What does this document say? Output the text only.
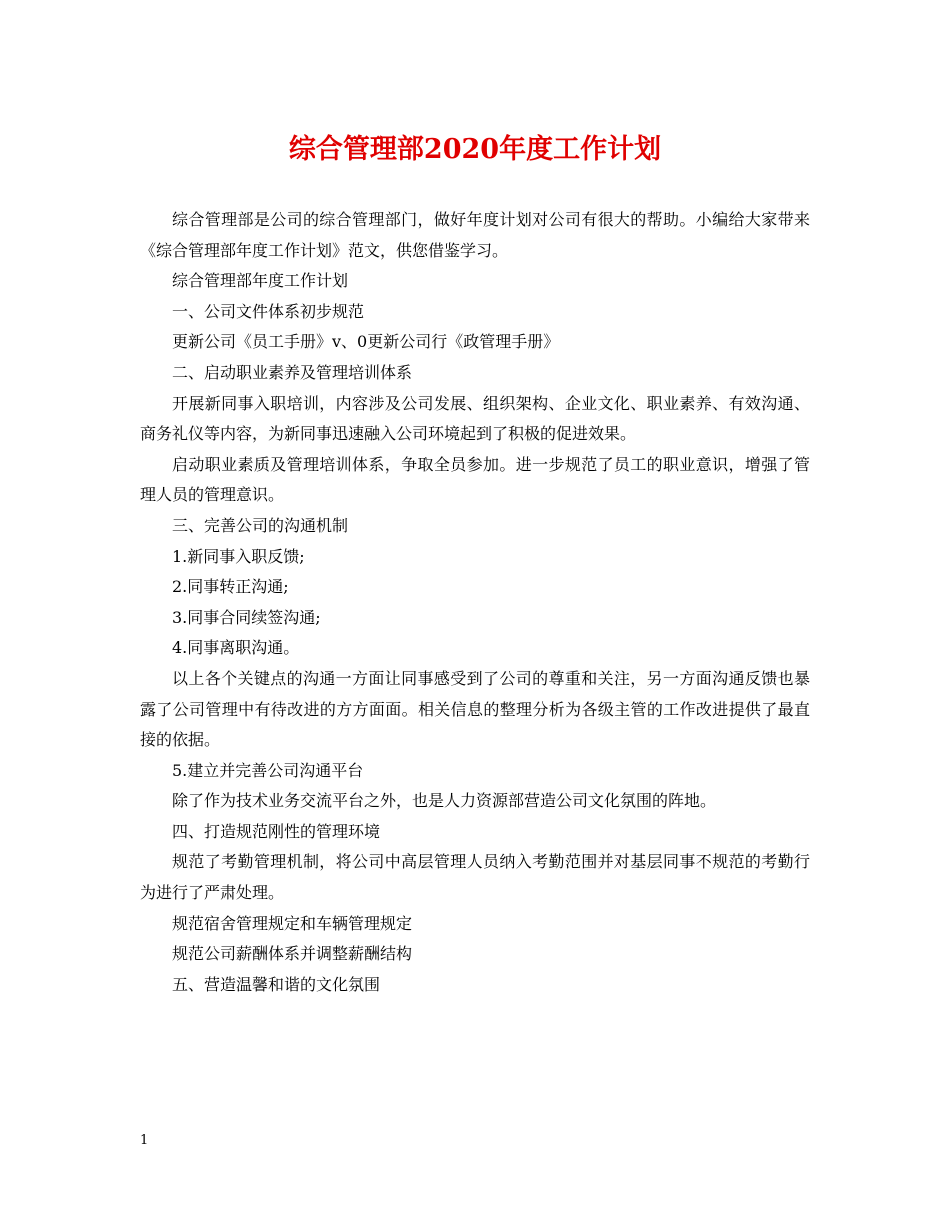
综合管理部2020年度工作计划

综合管理部是公司的综合管理部门，做好年度计划对公司有很大的帮助。小编给大家带来《综合管理部年度工作计划》范文，供您借鉴学习。

综合管理部年度工作计划

一、公司文件体系初步规范

更新公司《员工手册》v、0更新公司行《政管理手册》

二、启动职业素养及管理培训体系

开展新同事入职培训，内容涉及公司发展、组织架构、企业文化、职业素养、有效沟通、商务礼仪等内容，为新同事迅速融入公司环境起到了积极的促进效果。

启动职业素质及管理培训体系，争取全员参加。进一步规范了员工的职业意识，增强了管理人员的管理意识。

三、完善公司的沟通机制

1.新同事入职反馈;

2.同事转正沟通;

3.同事合同续签沟通;

4.同事离职沟通。

以上各个关键点的沟通一方面让同事感受到了公司的尊重和关注，另一方面沟通反馈也暴露了公司管理中有待改进的方方面面。相关信息的整理分析为各级主管的工作改进提供了最直接的依据。

5.建立并完善公司沟通平台

除了作为技术业务交流平台之外，也是人力资源部营造公司文化氛围的阵地。

四、打造规范刚性的管理环境

规范了考勤管理机制，将公司中高层管理人员纳入考勤范围并对基层同事不规范的考勤行为进行了严肃处理。

规范宿舍管理规定和车辆管理规定

规范公司薪酬体系并调整薪酬结构

五、营造温馨和谐的文化氛围

1
